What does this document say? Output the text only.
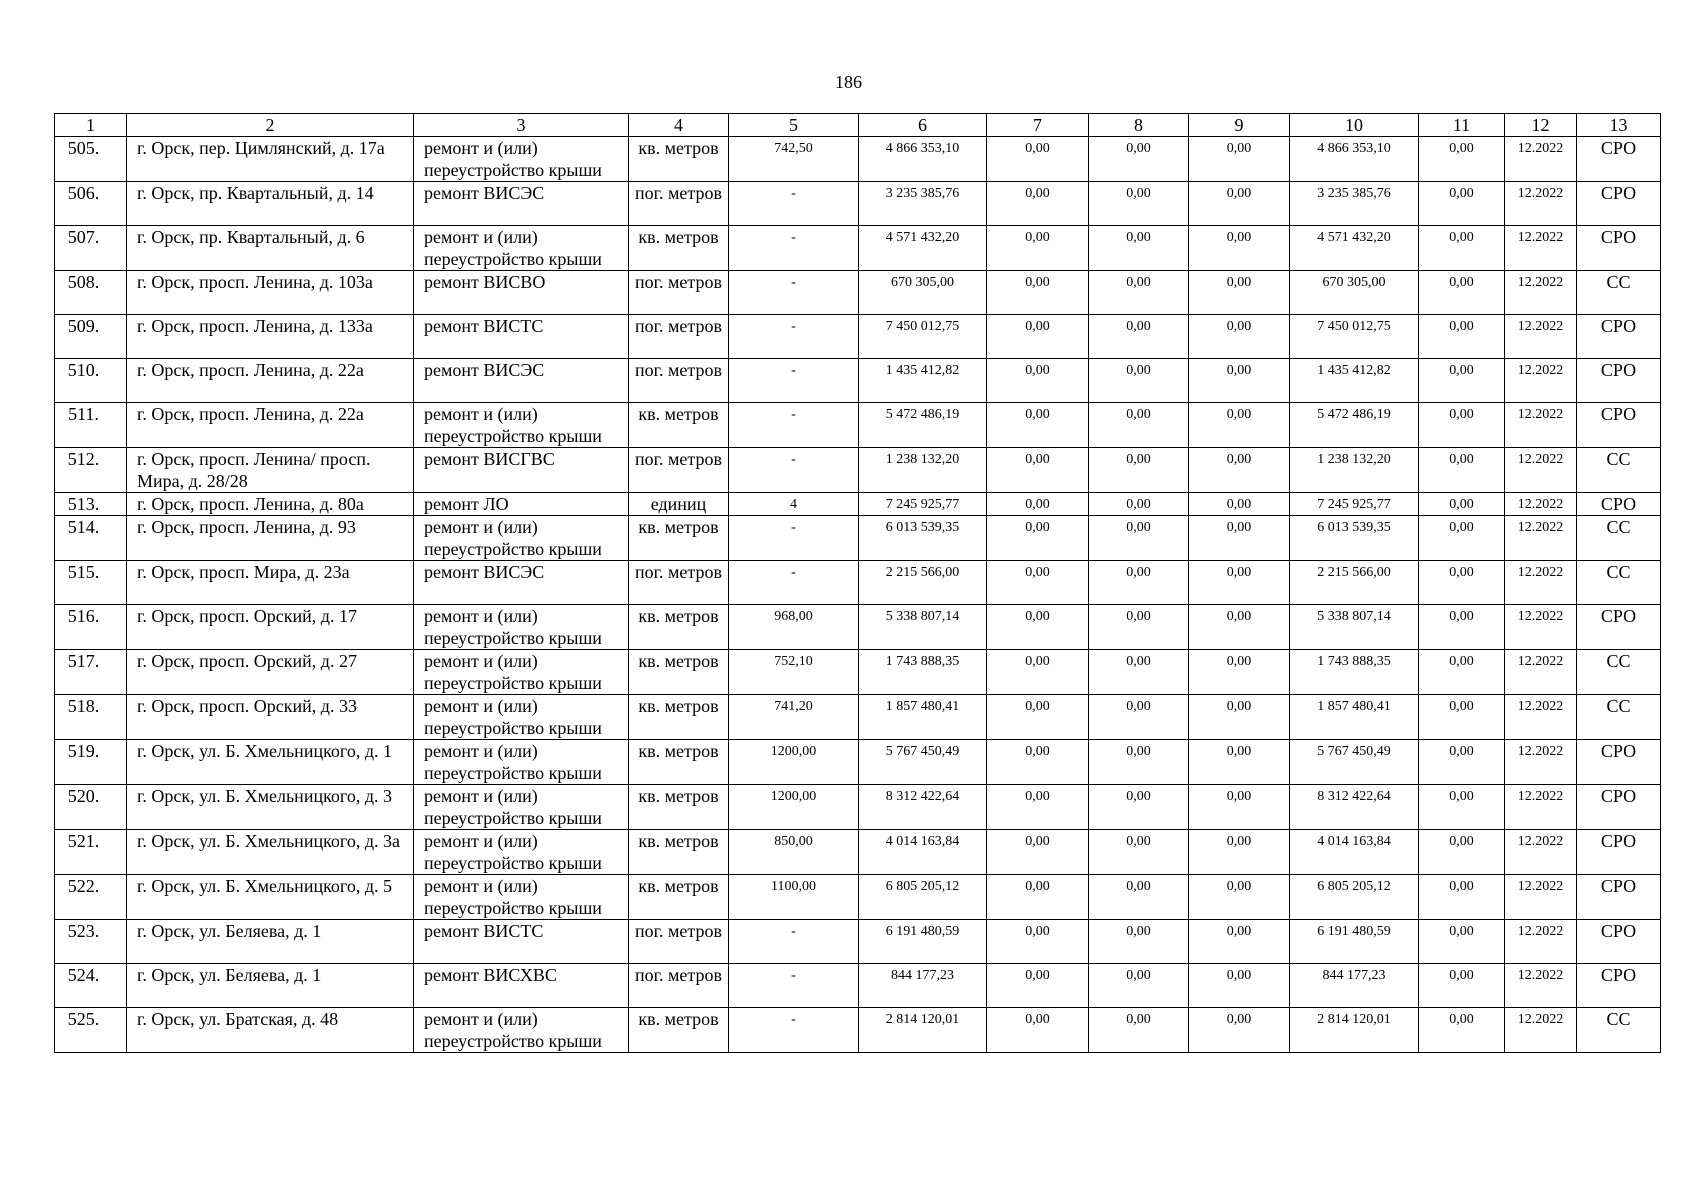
186
1	2	3	4	5	6	7	8	9	10	11	12	13

505.	г. Орск, пер. Цимлянский, д. 17а	ремонт и (или) переустройство крыши	кв. метров	742,50	4 866 353,10	0,00	0,00	0,00	4 866 353,10	0,00	12.2022	СРО

506.	г. Орск, пр. Квартальный, д. 14	ремонт ВИСЭС	пог. метров	-	3 235 385,76	0,00	0,00	0,00	3 235 385,76	0,00	12.2022	СРО

507.	г. Орск, пр. Квартальный, д. 6	ремонт и (или) переустройство крыши	кв. метров	-	4 571 432,20	0,00	0,00	0,00	4 571 432,20	0,00	12.2022	СРО

508.	г. Орск, просп. Ленина, д. 103а	ремонт ВИСВО	пог. метров	-	670 305,00	0,00	0,00	0,00	670 305,00	0,00	12.2022	СС

509.	г. Орск, просп. Ленина, д. 133а	ремонт ВИСТС	пог. метров	-	7 450 012,75	0,00	0,00	0,00	7 450 012,75	0,00	12.2022	СРО

510.	г. Орск, просп. Ленина, д. 22а	ремонт ВИСЭС	пог. метров	-	1 435 412,82	0,00	0,00	0,00	1 435 412,82	0,00	12.2022	СРО

511.	г. Орск, просп. Ленина, д. 22а	ремонт и (или) переустройство крыши	кв. метров	-	5 472 486,19	0,00	0,00	0,00	5 472 486,19	0,00	12.2022	СРО

512.	г. Орск, просп. Ленина/ просп. Мира, д. 28/28	ремонт ВИСГВС	пог. метров	-	1 238 132,20	0,00	0,00	0,00	1 238 132,20	0,00	12.2022	СС

513.	г. Орск, просп. Ленина, д. 80а	ремонт ЛО	единиц	4	7 245 925,77	0,00	0,00	0,00	7 245 925,77	0,00	12.2022	СРО

514.	г. Орск, просп. Ленина, д. 93	ремонт и (или) переустройство крыши	кв. метров	-	6 013 539,35	0,00	0,00	0,00	6 013 539,35	0,00	12.2022	СС

515.	г. Орск, просп. Мира, д. 23а	ремонт ВИСЭС	пог. метров	-	2 215 566,00	0,00	0,00	0,00	2 215 566,00	0,00	12.2022	СС

516.	г. Орск, просп. Орский, д. 17	ремонт и (или) переустройство крыши	кв. метров	968,00	5 338 807,14	0,00	0,00	0,00	5 338 807,14	0,00	12.2022	СРО

517.	г. Орск, просп. Орский, д. 27	ремонт и (или) переустройство крыши	кв. метров	752,10	1 743 888,35	0,00	0,00	0,00	1 743 888,35	0,00	12.2022	СС

518.	г. Орск, просп. Орский, д. 33	ремонт и (или) переустройство крыши	кв. метров	741,20	1 857 480,41	0,00	0,00	0,00	1 857 480,41	0,00	12.2022	СС

519.	г. Орск, ул. Б. Хмельницкого, д. 1	ремонт и (или) переустройство крыши	кв. метров	1200,00	5 767 450,49	0,00	0,00	0,00	5 767 450,49	0,00	12.2022	СРО

520.	г. Орск, ул. Б. Хмельницкого, д. 3	ремонт и (или) переустройство крыши	кв. метров	1200,00	8 312 422,64	0,00	0,00	0,00	8 312 422,64	0,00	12.2022	СРО

521.	г. Орск, ул. Б. Хмельницкого, д. 3а	ремонт и (или) переустройство крыши	кв. метров	850,00	4 014 163,84	0,00	0,00	0,00	4 014 163,84	0,00	12.2022	СРО

522.	г. Орск, ул. Б. Хмельницкого, д. 5	ремонт и (или) переустройство крыши	кв. метров	1100,00	6 805 205,12	0,00	0,00	0,00	6 805 205,12	0,00	12.2022	СРО

523.	г. Орск, ул. Беляева, д. 1	ремонт ВИСТС	пог. метров	-	6 191 480,59	0,00	0,00	0,00	6 191 480,59	0,00	12.2022	СРО

524.	г. Орск, ул. Беляева, д. 1	ремонт ВИСХВС	пог. метров	-	844 177,23	0,00	0,00	0,00	844 177,23	0,00	12.2022	СРО

525.	г. Орск, ул. Братская, д. 48	ремонт и (или) переустройство крыши	кв. метров	-	2 814 120,01	0,00	0,00	0,00	2 814 120,01	0,00	12.2022	СС
